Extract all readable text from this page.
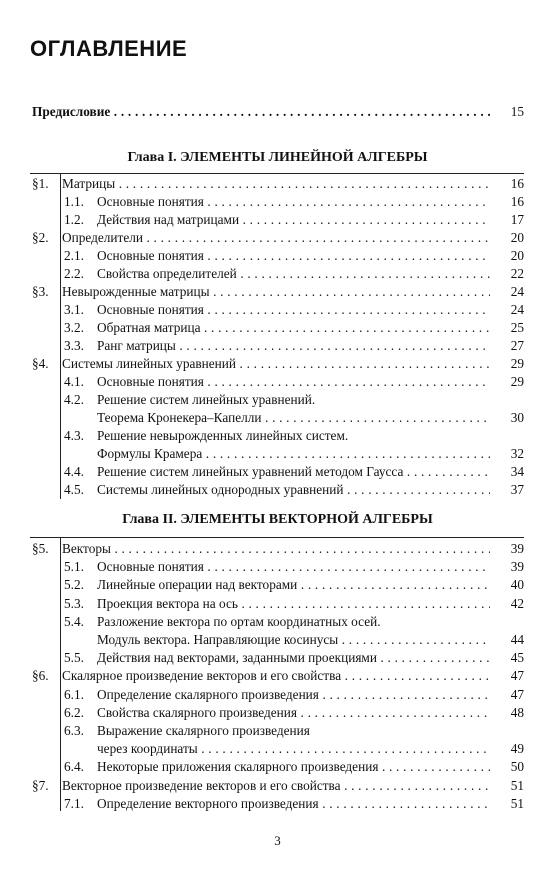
ОГЛАВЛЕНИЕ
Предисловие . . .	15
Глава I. ЭЛЕМЕНТЫ ЛИНЕЙНОЙ АЛГЕБРЫ
§1. Матрицы . . .	16
1.1. Основные понятия . . .	16
1.2. Действия над матрицами . . .	17
§2. Определители . . .	20
2.1. Основные понятия . . .	20
2.2. Свойства определителей . . .	22
§3. Невырожденные матрицы . . .	24
3.1. Основные понятия . . .	24
3.2. Обратная матрица . . .	25
3.3. Ранг матрицы . . .	27
§4. Системы линейных уравнений . . .	29
4.1. Основные понятия . . .	29
4.2. Решение систем линейных уравнений.
Теорема Кронекера–Капелли . . .	30
4.3. Решение невырожденных линейных систем.
Формулы Крамера . . .	32
4.4. Решение систем линейных уравнений методом Гаусса . . .	34
4.5. Системы линейных однородных уравнений . . .	37
Глава II. ЭЛЕМЕНТЫ ВЕКТОРНОЙ АЛГЕБРЫ
§5. Векторы . . .	39
5.1. Основные понятия . . .	39
5.2. Линейные операции над векторами . . .	40
5.3. Проекция вектора на ось . . .	42
5.4. Разложение вектора по ортам координатных осей.
Модуль вектора. Направляющие косинусы . . .	44
5.5. Действия над векторами, заданными проекциями . . .	45
§6. Скалярное произведение векторов и его свойства . . .	47
6.1. Определение скалярного произведения . . .	47
6.2. Свойства скалярного произведения . . .	48
6.3. Выражение скалярного произведения
через координаты . . .	49
6.4. Некоторые приложения скалярного произведения . . .	50
§7. Векторное произведение векторов и его свойства . . .	51
7.1. Определение векторного произведения . . .	51
3
